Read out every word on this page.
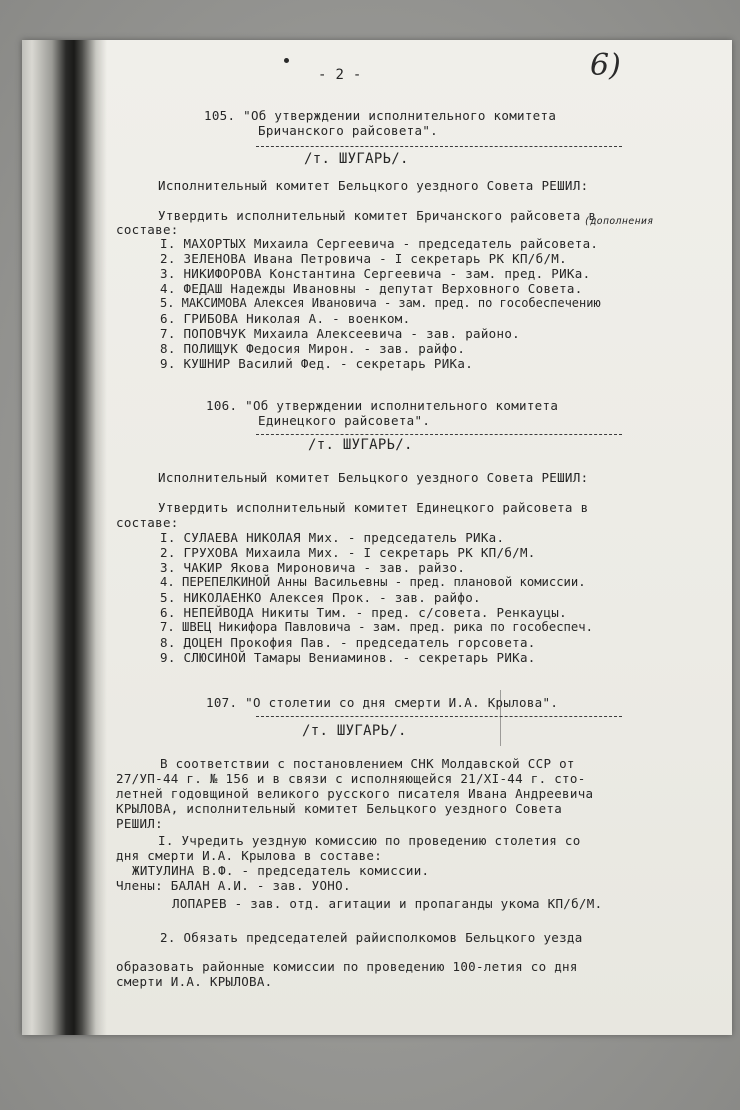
- 2 -	6)
105. "Об утверждении исполнительного комитета
Бричанского райсовета".
/т. ШУГАРЬ/.
Исполнительный комитет Бельцкого уездного Совета РЕШИЛ:
(дополнения
Утвердить исполнительный комитет Бричанского райсовета в
составе:
I. МАХОРТЫХ Михаила Сергеевича - председатель райсовета.
2. ЗЕЛЕНОВА Ивана Петровича - I секретарь РК КП/б/М.
3. НИКИФОРОВА Константина Сергеевича - зам. пред. РИКа.
4. ФЕДАШ Надежды Ивановны - депутат Верховного Совета.
5. МАКСИМОВА Алексея Ивановича - зам. пред. по гособеспечению
6. ГРИБОВА Николая А. - военком.
7. ПОПОВЧУК Михаила Алексеевича - зав. районо.
8. ПОЛИЩУК Федосия Мирон. - зав. райфо.
9. КУШНИР Василий Фед. - секретарь РИКа.
106. "Об утверждении исполнительного комитета
Единецкого райсовета".
/т. ШУГАРЬ/.
Исполнительный комитет Бельцкого уездного Совета РЕШИЛ:
Утвердить исполнительный комитет Единецкого райсовета в
составе:
I. СУЛАЕВА НИКОЛАЯ Мих. - председатель РИКа.
2. ГРУХОВА Михаила Мих. - I секретарь РК КП/б/М.
3. ЧАКИР Якова Мироновича - зав. райзо.
4. ПЕРЕПЕЛКИНОЙ Анны Васильевны - пред. плановой комиссии.
5. НИКОЛАЕНКО Алексея Прок. - зав. райфо.
6. НЕПЕЙВОДА Никиты Тим. - пред. с/совета. Ренкауцы.
7. ШВЕЦ Никифора Павловича - зам. пред. рика по гособеспеч.
8. ДОЦЕН Прокофия Пав. - председатель горсовета.
9. СЛЮСИНОЙ Тамары Вениаминов. - секретарь РИКа.
107. "О столетии со дня смерти И.А. Крылова".
/т. ШУГАРЬ/.
В соответствии с постановлением СНК Молдавской ССР от
27/УП-44 г. № 156 и в связи с исполняющейся 21/XI-44 г. сто-
летней годовщиной великого русского писателя Ивана Андреевича
КРЫЛОВА, исполнительный комитет Бельцкого уездного Совета
РЕШИЛ:
I. Учредить уездную комиссию по проведению столетия со
дня смерти И.А. Крылова в составе:
ЖИТУЛИНА В.Ф. - председатель комиссии.
Члены: БАЛАН А.И. - зав. УОНО.
ЛОПАРЕВ - зав. отд. агитации и пропаганды укома КП/б/М.
2. Обязать председателей райисполкомов Бельцкого уезда
образовать районные комиссии по проведению 100-летия со дня
смерти И.А. КРЫЛОВА.
